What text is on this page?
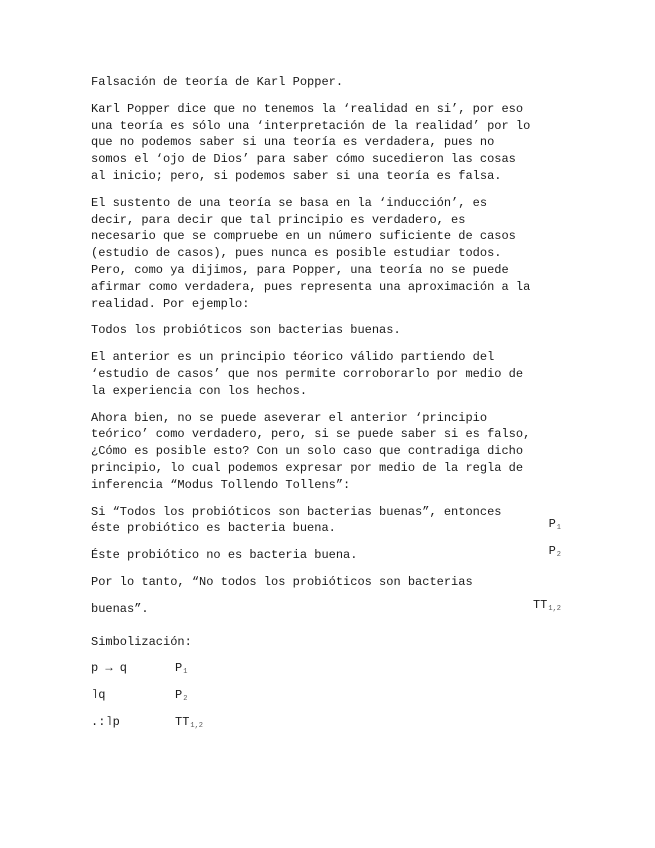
Falsación de teoría de Karl Popper.
Karl Popper dice que no tenemos la ‘realidad en si’, por eso
una teoría es sólo una ‘interpretación de la realidad’ por lo
que no podemos saber si una teoría es verdadera, pues no
somos el ‘ojo de Dios’ para saber cómo sucedieron las cosas
al inicio; pero, si podemos saber si una teoría es falsa.
El sustento de una teoría se basa en la ‘inducción’, es
decir, para decir que tal principio es verdadero, es
necesario que se compruebe en un número suficiente de casos
(estudio de casos), pues nunca es posible estudiar todos.
Pero, como ya dijimos, para Popper, una teoría no se puede
afirmar como verdadera, pues representa una aproximación a la
realidad. Por ejemplo:
Todos los probióticos son bacterias buenas.
El anterior es un principio téorico válido partiendo del
‘estudio de casos’ que nos permite corroborarlo por medio de
la experiencia con los hechos.
Ahora bien, no se puede aseverar el anterior ‘principio
teórico’ como verdadero, pero, si se puede saber si es falso,
¿Cómo es posible esto? Con un solo caso que contradiga dicho
principio, lo cual podemos expresar por medio de la regla de
inferencia “Modus Tollendo Tollens”:
Si “Todos los probióticos son bacterias buenas”, entonces
éste probiótico es bacteria buena.	$P_1$
Éste probiótico no es bacteria buena.	$P_2$
Por lo tanto, “No todos los probióticos son bacterias
buenas”.	$TT_{1,2}$
Simbolización:
p → q	$P_1$
˥q	$P_2$
.:˥p	$TT_{1,2}$
